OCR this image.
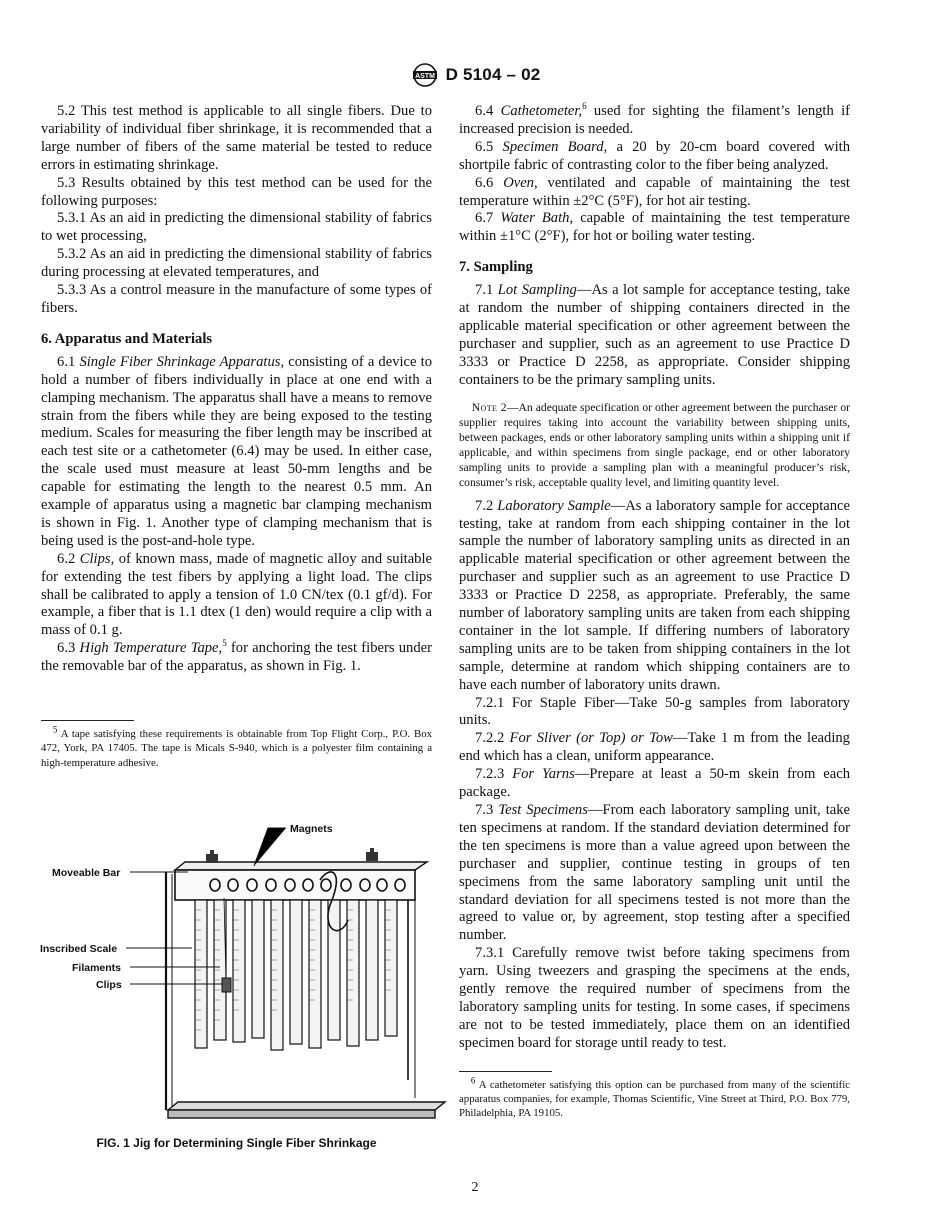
ASTM D 5104 – 02

5.2 This test method is applicable to all single fibers. Due to variability of individual fiber shrinkage, it is recommended that a large number of fibers of the same material be tested to reduce errors in estimating shrinkage.

5.3 Results obtained by this test method can be used for the following purposes:

5.3.1 As an aid in predicting the dimensional stability of fabrics to wet processing,

5.3.2 As an aid in predicting the dimensional stability of fabrics during processing at elevated temperatures, and

5.3.3 As a control measure in the manufacture of some types of fibers.

6. Apparatus and Materials

6.1 Single Fiber Shrinkage Apparatus, consisting of a device to hold a number of fibers individually in place at one end with a clamping mechanism. The apparatus shall have a means to remove strain from the fibers while they are being exposed to the testing medium. Scales for measuring the fiber length may be inscribed at each test site or a cathetometer (6.4) may be used. In either case, the scale used must measure at least 50-mm lengths and be capable for estimating the length to the nearest 0.5 mm. An example of apparatus using a magnetic bar clamping mechanism is shown in Fig. 1. Another type of clamping mechanism that is being used is the post-and-hole type.

6.2 Clips, of known mass, made of magnetic alloy and suitable for extending the test fibers by applying a light load. The clips shall be calibrated to apply a tension of 1.0 CN/tex (0.1 gf/d). For example, a fiber that is 1.1 dtex (1 den) would require a clip with a mass of 0.1 g.

6.3 High Temperature Tape,$^5$ for anchoring the test fibers under the removable bar of the apparatus, as shown in Fig. 1.

$^5$ A tape satisfying these requirements is obtainable from Top Flight Corp., P.O. Box 472, York, PA 17405. The tape is Micals S-940, which is a polyester film containing a high-temperature adhesive.

Magnets
Moveable Bar
Inscribed Scale
Filaments
Clips
FIG. 1 Jig for Determining Single Fiber Shrinkage

6.4 Cathetometer,$^6$ used for sighting the filament’s length if increased precision is needed.

6.5 Specimen Board, a 20 by 20-cm board covered with shortpile fabric of contrasting color to the fiber being analyzed.

6.6 Oven, ventilated and capable of maintaining the test temperature within ±2°C (5°F), for hot air testing.

6.7 Water Bath, capable of maintaining the test temperature within ±1°C (2°F), for hot or boiling water testing.

7. Sampling

7.1 Lot Sampling—As a lot sample for acceptance testing, take at random the number of shipping containers directed in the applicable material specification or other agreement between the purchaser and supplier, such as an agreement to use Practice D 3333 or Practice D 2258, as appropriate. Consider shipping containers to be the primary sampling units.

Note 2—An adequate specification or other agreement between the purchaser or supplier requires taking into account the variability between shipping units, between packages, ends or other laboratory sampling units within a shipping unit if applicable, and within specimens from single package, end or other laboratory sampling units to provide a sampling plan with a meaningful producer’s risk, consumer’s risk, acceptable quality level, and limiting quantity level.

7.2 Laboratory Sample—As a laboratory sample for acceptance testing, take at random from each shipping container in the lot sample the number of laboratory sampling units as directed in an applicable material specification or other agreement between the purchaser and supplier such as an agreement to use Practice D 3333 or Practice D 2258, as appropriate. Preferably, the same number of laboratory sampling units are taken from each shipping container in the lot sample. If differing numbers of laboratory sampling units are to be taken from shipping containers in the lot sample, determine at random which shipping containers are to have each number of laboratory units drawn.

7.2.1 For Staple Fiber—Take 50-g samples from laboratory units.

7.2.2 For Sliver (or Top) or Tow—Take 1 m from the leading end which has a clean, uniform appearance.

7.2.3 For Yarns—Prepare at least a 50-m skein from each package.

7.3 Test Specimens—From each laboratory sampling unit, take ten specimens at random. If the standard deviation determined for the ten specimens is more than a value agreed upon between the purchaser and supplier, continue testing in groups of ten specimens from the same laboratory sampling unit until the standard deviation for all specimens tested is not more than the agreed to value or, by agreement, stop testing after a specified number.

7.3.1 Carefully remove twist before taking specimens from yarn. Using tweezers and grasping the specimens at the ends, gently remove the required number of specimens from the laboratory sampling units for testing. In some cases, if specimens are not to be tested immediately, place them on an identified specimen board for storage until ready to test.

$^6$ A cathetometer satisfying this option can be purchased from many of the scientific apparatus companies, for example, Thomas Scientific, Vine Street at Third, P.O. Box 779, Philadelphia, PA 19105.

2
